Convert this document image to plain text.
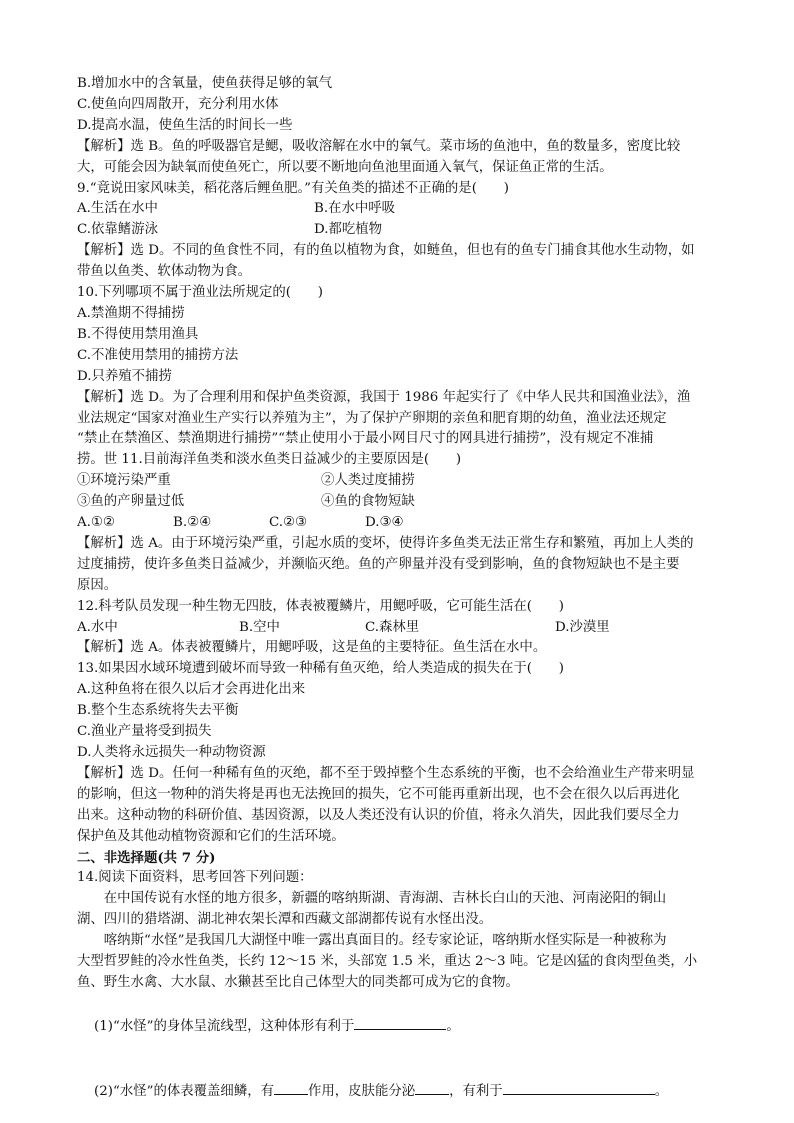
B.增加水中的含氧量，使鱼获得足够的氧气
C.使鱼向四周散开，充分利用水体
D.提高水温，使鱼生活的时间长一些
【解析】选 B。鱼的呼吸器官是鳃，吸收溶解在水中的氧气。菜市场的鱼池中，鱼的数量多，密度比较
大，可能会因为缺氧而使鱼死亡，所以要不断地向鱼池里面通入氧气，保证鱼正常的生活。
9.“竟说田家风味美，稻花落后鲤鱼肥。”有关鱼类的描述不正确的是(　　)
A.生活在水中	B.在水中呼吸
C.依靠鳍游泳	D.都吃植物
【解析】选 D。不同的鱼食性不同，有的鱼以植物为食，如鲢鱼，但也有的鱼专门捕食其他水生动物，如
带鱼以鱼类、软体动物为食。
10.下列哪项不属于渔业法所规定的(　　)
A.禁渔期不得捕捞
B.不得使用禁用渔具
C.不准使用禁用的捕捞方法
D.只养殖不捕捞
【解析】选 D。为了合理利用和保护鱼类资源，我国于 1986 年起实行了《中华人民共和国渔业法》，渔
业法规定“国家对渔业生产实行以养殖为主”，为了保护产卵期的亲鱼和肥育期的幼鱼，渔业法还规定
“禁止在禁渔区、禁渔期进行捕捞”“禁止使用小于最小网目尺寸的网具进行捕捞”，没有规定不准捕
捞。世 11.目前海洋鱼类和淡水鱼类日益减少的主要原因是(　　)
①环境污染严重	②人类过度捕捞
③鱼的产卵量过低	④鱼的食物短缺
A.①②	B.②④	C.②③	D.③④
【解析】选 A。由于环境污染严重，引起水质的变坏，使得许多鱼类无法正常生存和繁殖，再加上人类的
过度捕捞，使许多鱼类日益减少，并濒临灭绝。鱼的产卵量并没有受到影响，鱼的食物短缺也不是主要
原因。
12.科考队员发现一种生物无四肢，体表被覆鳞片，用鳃呼吸，它可能生活在(　　)
A.水中	B.空中	C.森林里	D.沙漠里
【解析】选 A。体表被覆鳞片，用鳃呼吸，这是鱼的主要特征。鱼生活在水中。
13.如果因水域环境遭到破坏而导致一种稀有鱼灭绝，给人类造成的损失在于(　　)
A.这种鱼将在很久以后才会再进化出来
B.整个生态系统将失去平衡
C.渔业产量将受到损失
D.人类将永远损失一种动物资源
【解析】选 D。任何一种稀有鱼的灭绝，都不至于毁掉整个生态系统的平衡，也不会给渔业生产带来明显
的影响，但这一物种的消失将是再也无法挽回的损失，它不可能再重新出现，也不会在很久以后再进化
出来。这种动物的科研价值、基因资源，以及人类还没有认识的价值，将永久消失，因此我们要尽全力
保护鱼及其他动植物资源和它们的生活环境。
二、非选择题(共 7 分)
14.阅读下面资料，思考回答下列问题：
在中国传说有水怪的地方很多，新疆的喀纳斯湖、青海湖、吉林长白山的天池、河南泌阳的铜山
湖、四川的猎塔湖、湖北神农架长潭和西藏文部湖都传说有水怪出没。
喀纳斯“水怪”是我国几大湖怪中唯一露出真面目的。经专家论证，喀纳斯水怪实际是一种被称为
大型哲罗鲑的冷水性鱼类，长约 12～15 米，头部宽 1.5 米，重达 2～3 吨。它是凶猛的食肉型鱼类，小
鱼、野生水禽、大水鼠、水獭甚至比自己体型大的同类都可成为它的食物。

(1)“水怪”的身体呈流线型，这种体形有利于	。

(2)“水怪”的体表覆盖细鳞，有	作用，皮肤能分泌	，有利于	。
